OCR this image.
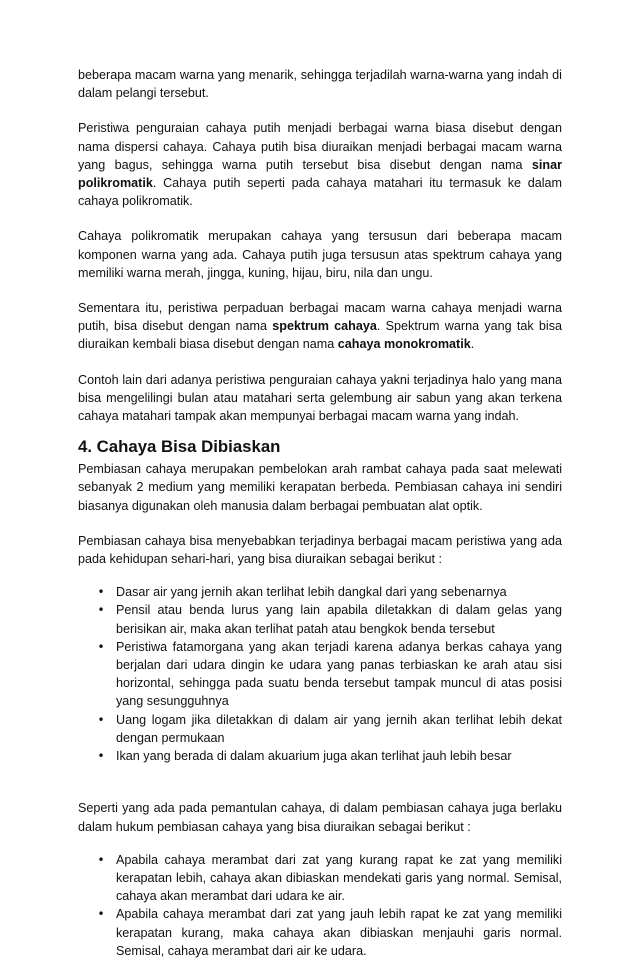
beberapa macam warna yang menarik, sehingga terjadilah warna-warna yang indah di dalam pelangi tersebut.

Peristiwa penguraian cahaya putih menjadi berbagai warna biasa disebut dengan nama dispersi cahaya. Cahaya putih bisa diuraikan menjadi berbagai macam warna yang bagus, sehingga warna putih tersebut bisa disebut dengan nama sinar polikromatik. Cahaya putih seperti pada cahaya matahari itu termasuk ke dalam cahaya polikromatik.

Cahaya polikromatik merupakan cahaya yang tersusun dari beberapa macam komponen warna yang ada. Cahaya putih juga tersusun atas spektrum cahaya yang memiliki warna merah, jingga, kuning, hijau, biru, nila dan ungu.

Sementara itu, peristiwa perpaduan berbagai macam warna cahaya menjadi warna putih, bisa disebut dengan nama spektrum cahaya. Spektrum warna yang tak bisa diuraikan kembali biasa disebut dengan nama cahaya monokromatik.

Contoh lain dari adanya peristiwa penguraian cahaya yakni terjadinya halo yang mana bisa mengelilingi bulan atau matahari serta gelembung air sabun yang akan terkena cahaya matahari tampak akan mempunyai berbagai macam warna yang indah.

4. Cahaya Bisa Dibiaskan

Pembiasan cahaya merupakan pembelokan arah rambat cahaya pada saat melewati sebanyak 2 medium yang memiliki kerapatan berbeda. Pembiasan cahaya ini sendiri biasanya digunakan oleh manusia dalam berbagai pembuatan alat optik.

Pembiasan cahaya bisa menyebabkan terjadinya berbagai macam peristiwa yang ada pada kehidupan sehari-hari, yang bisa diuraikan sebagai berikut :

• Dasar air yang jernih akan terlihat lebih dangkal dari yang sebenarnya
• Pensil atau benda lurus yang lain apabila diletakkan di dalam gelas yang berisikan air, maka akan terlihat patah atau bengkok benda tersebut
• Peristiwa fatamorgana yang akan terjadi karena adanya berkas cahaya yang berjalan dari udara dingin ke udara yang panas terbiaskan ke arah atau sisi horizontal, sehingga pada suatu benda tersebut tampak muncul di atas posisi yang sesungguhnya
• Uang logam jika diletakkan di dalam air yang jernih akan terlihat lebih dekat dengan permukaan
• Ikan yang berada di dalam akuarium juga akan terlihat jauh lebih besar

Seperti yang ada pada pemantulan cahaya, di dalam pembiasan cahaya juga berlaku dalam hukum pembiasan cahaya yang bisa diuraikan sebagai berikut :

• Apabila cahaya merambat dari zat yang kurang rapat ke zat yang memiliki kerapatan lebih, cahaya akan dibiaskan mendekati garis yang normal. Semisal, cahaya akan merambat dari udara ke air.
• Apabila cahaya merambat dari zat yang jauh lebih rapat ke zat yang memiliki kerapatan kurang, maka cahaya akan dibiaskan menjauhi garis normal. Semisal, cahaya merambat dari air ke udara.
